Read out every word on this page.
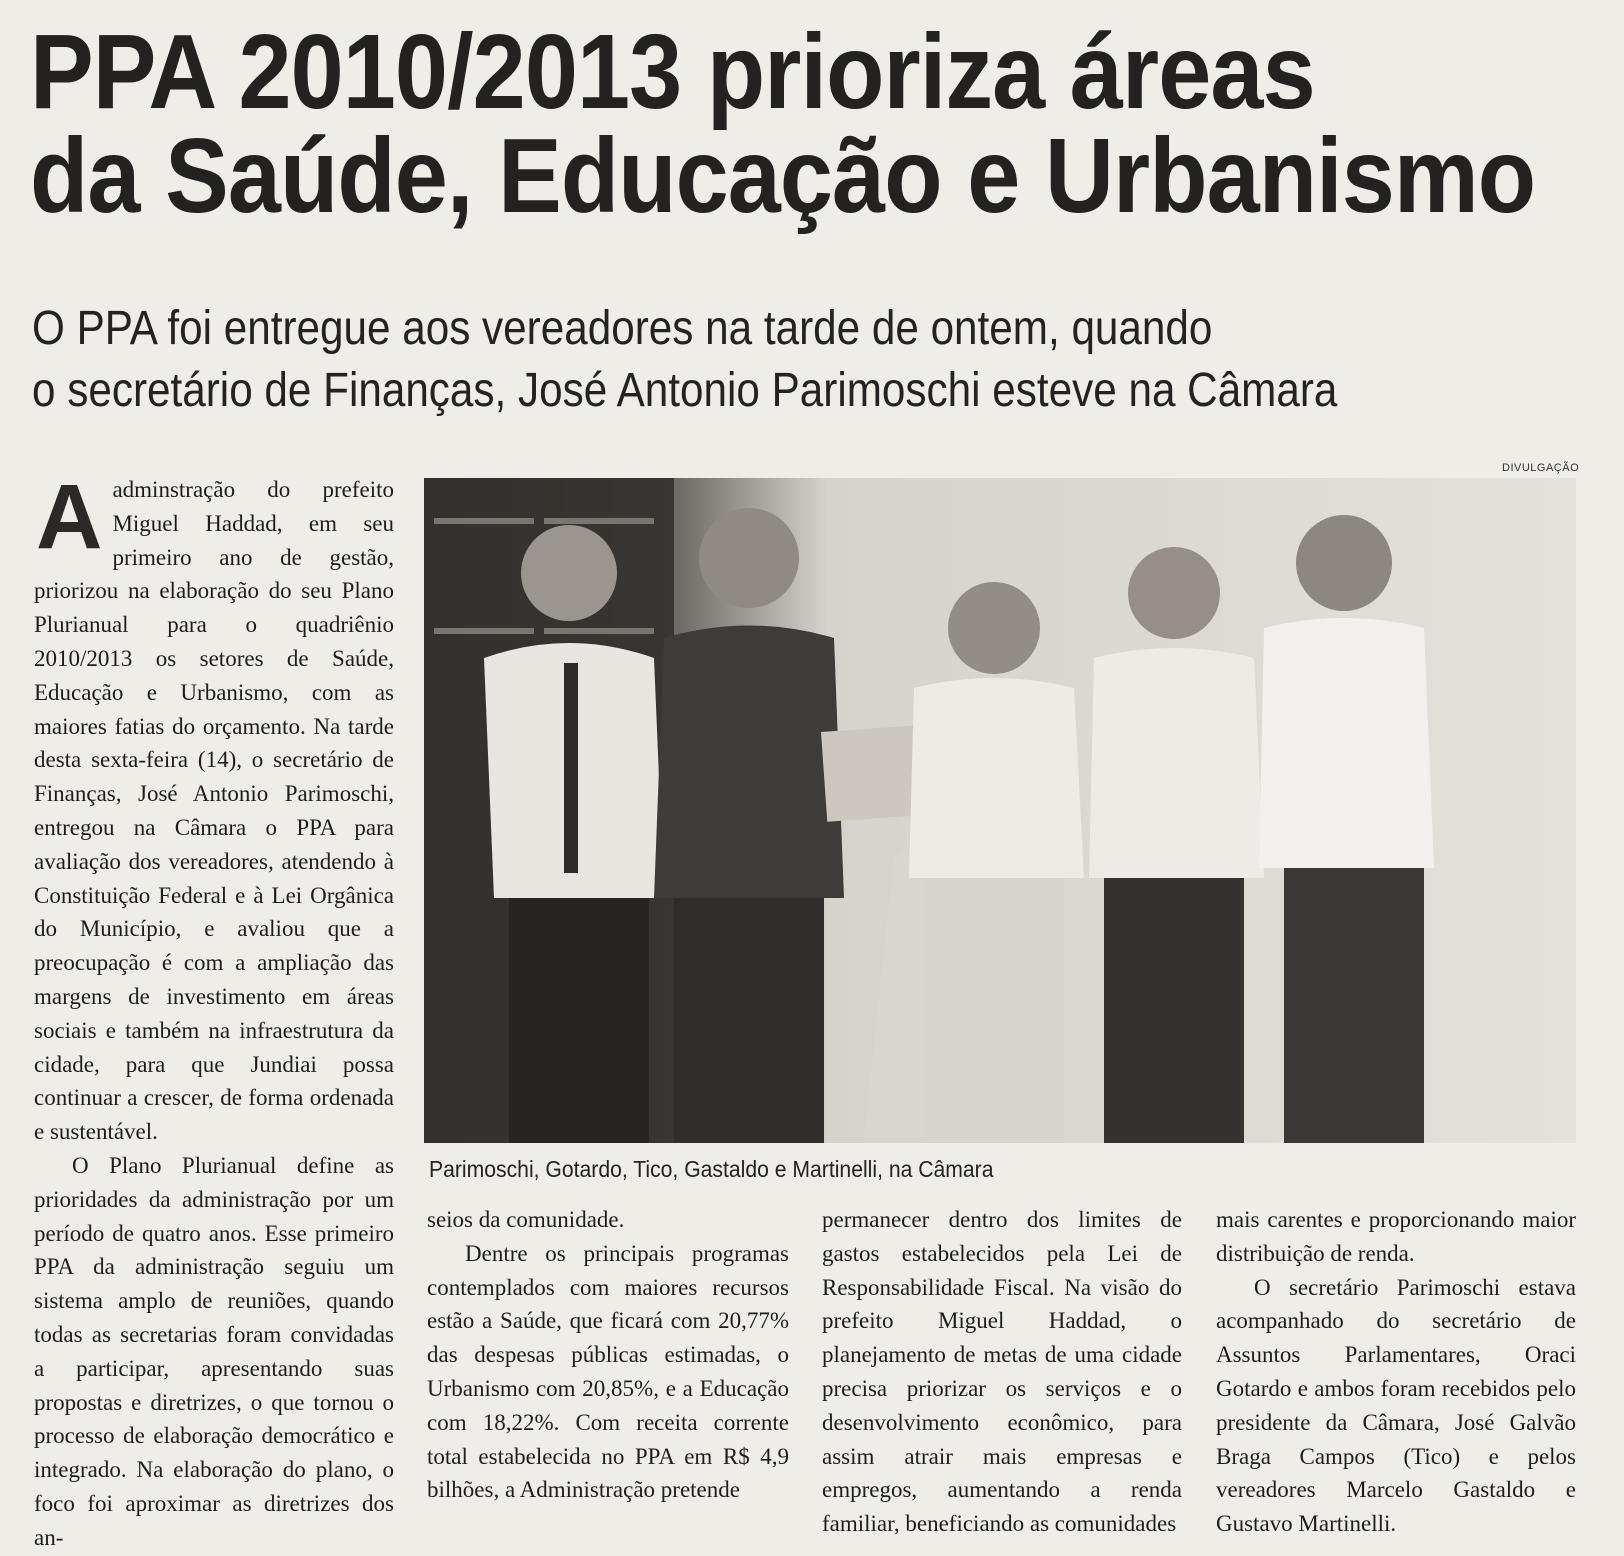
PPA 2010/2013 prioriza áreas
da Saúde, Educação e Urbanismo
O PPA foi entregue aos vereadores na tarde de ontem, quando
o secretário de Finanças, José Antonio Parimoschi esteve na Câmara

Aadminstração do prefeito Miguel Haddad, em seu primeiro ano de gestão, priorizou na elaboração do seu Plano Plurianual para o quadriênio 2010/2013 os setores de Saúde, Educação e Urbanismo, com as maiores fatias do orçamento. Na tarde desta sexta-feira (14), o secretário de Finanças, José Antonio Parimoschi, entregou na Câmara o PPA para avaliação dos vereadores, atendendo à Constituição Federal e à Lei Orgânica do Município, e avaliou que a preocupação é com a ampliação das margens de investimento em áreas sociais e também na infraestrutura da cidade, para que Jundiai possa continuar a crescer, de forma ordenada e sustentável.

O Plano Plurianual define as prioridades da administração por um período de quatro anos. Esse primeiro PPA da administração seguiu um sistema amplo de reuniões, quando todas as secretarias foram convidadas a participar, apresentando suas propostas e diretrizes, o que tornou o processo de elaboração democrático e integrado. Na elaboração do plano, o foco foi aproximar as diretrizes dos an-

DIVULGAÇÃO
Parimoschi, Gotardo, Tico, Gastaldo e Martinelli, na Câmara

seios da comunidade.

Dentre os principais programas contemplados com maiores recursos estão a Saúde, que ficará com 20,77% das despesas públicas estimadas, o Urbanismo com 20,85%, e a Educação com 18,22%. Com receita corrente total estabelecida no PPA em R$ 4,9 bilhões, a Administração pretende

permanecer dentro dos limites de gastos estabelecidos pela Lei de Responsabilidade Fiscal. Na visão do prefeito Miguel Haddad, o planejamento de metas de uma cidade precisa priorizar os serviços e o desenvolvimento econômico, para assim atrair mais empresas e empregos, aumentando a renda familiar, beneficiando as comunidades

mais carentes e proporcionando maior distribuição de renda.

O secretário Parimoschi estava acompanhado do secretário de Assuntos Parlamentares, Oraci Gotardo e ambos foram recebidos pelo presidente da Câmara, José Galvão Braga Campos (Tico) e pelos vereadores Marcelo Gastaldo e Gustavo Martinelli.
